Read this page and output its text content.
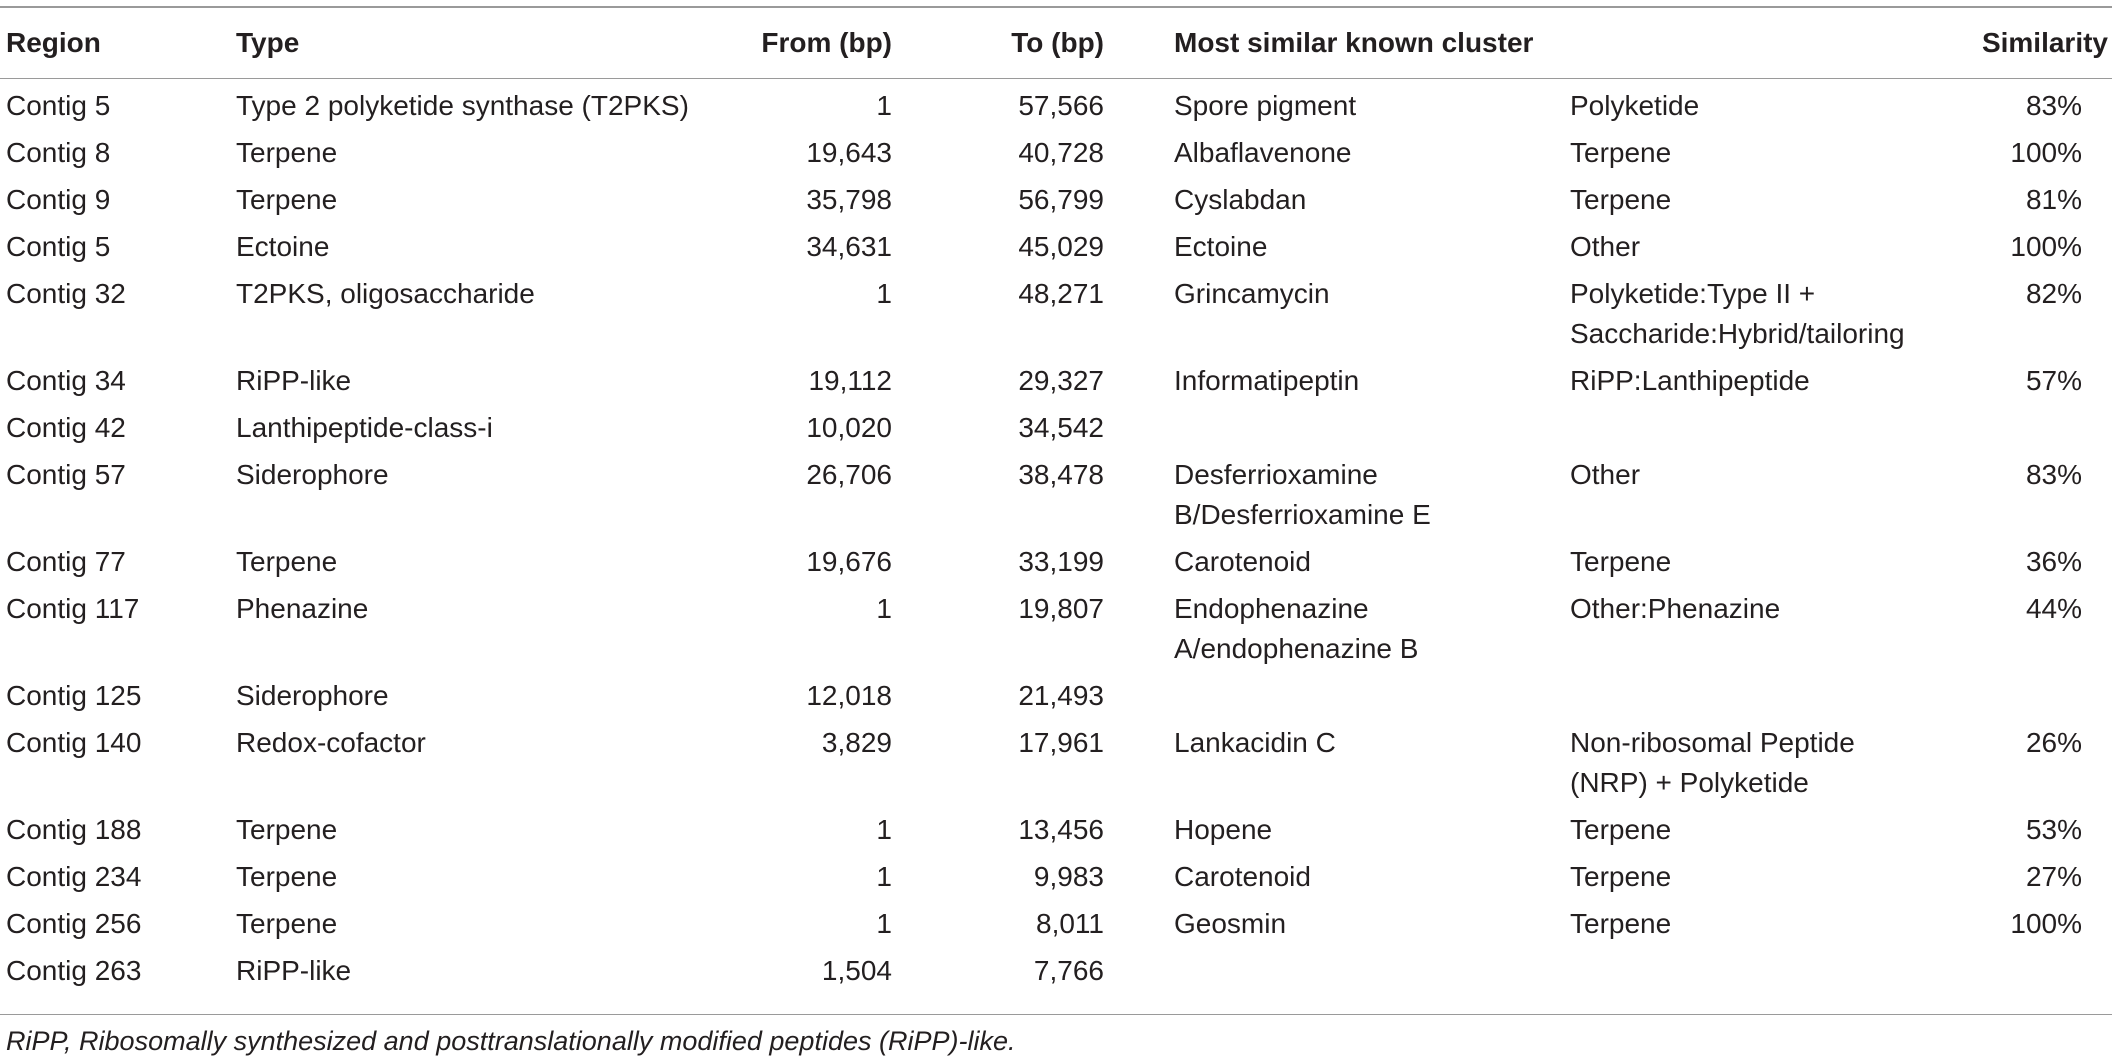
Region	Type	From (bp)	To (bp)	Most similar known cluster		Similarity
Contig 5	Type 2 polyketide synthase (T2PKS)	1	57,566	Spore pigment	Polyketide	83%
Contig 8	Terpene	19,643	40,728	Albaflavenone	Terpene	100%
Contig 9	Terpene	35,798	56,799	Cyslabdan	Terpene	81%
Contig 5	Ectoine	34,631	45,029	Ectoine	Other	100%
Contig 32	T2PKS, oligosaccharide	1	48,271	Grincamycin	Polyketide:Type II + Saccharide:Hybrid/tailoring	82%
Contig 34	RiPP-like	19,112	29,327	Informatipeptin	RiPP:Lanthipeptide	57%
Contig 42	Lanthipeptide-class-i	10,020	34,542			
Contig 57	Siderophore	26,706	38,478	Desferrioxamine B/Desferrioxamine E	Other	83%
Contig 77	Terpene	19,676	33,199	Carotenoid	Terpene	36%
Contig 117	Phenazine	1	19,807	Endophenazine A/endophenazine B	Other:Phenazine	44%
Contig 125	Siderophore	12,018	21,493			
Contig 140	Redox-cofactor	3,829	17,961	Lankacidin C	Non-ribosomal Peptide (NRP) + Polyketide	26%
Contig 188	Terpene	1	13,456	Hopene	Terpene	53%
Contig 234	Terpene	1	9,983	Carotenoid	Terpene	27%
Contig 256	Terpene	1	8,011	Geosmin	Terpene	100%
Contig 263	RiPP-like	1,504	7,766			
RiPP, Ribosomally synthesized and posttranslationally modified peptides (RiPP)-like.
